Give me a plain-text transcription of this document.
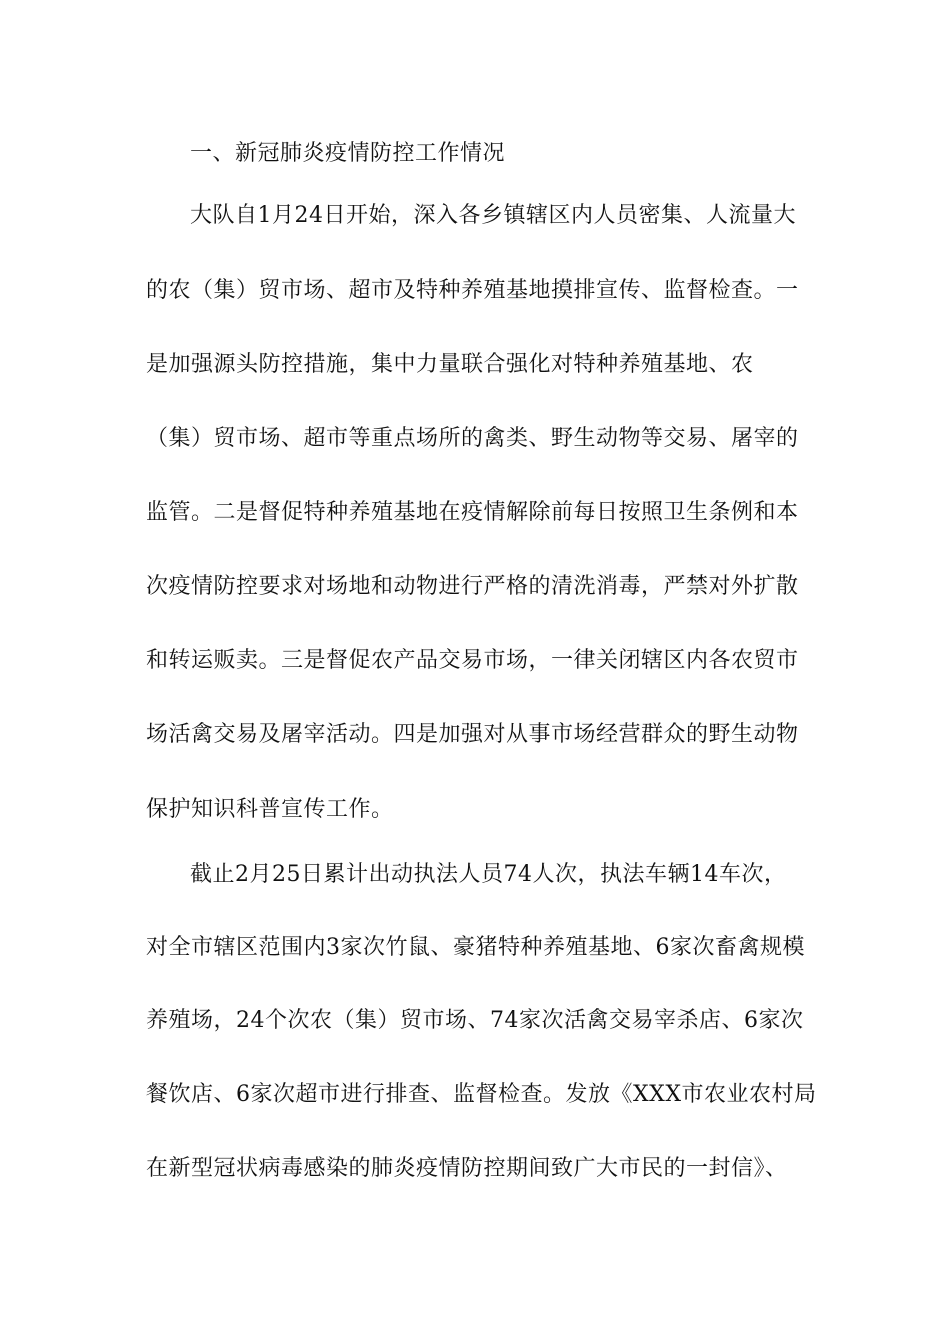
一、新冠肺炎疫情防控工作情况
大队自1月24日开始，深入各乡镇辖区内人员密集、人流量大
的农（集）贸市场、超市及特种养殖基地摸排宣传、监督检查。一
是加强源头防控措施，集中力量联合强化对特种养殖基地、农
（集）贸市场、超市等重点场所的禽类、野生动物等交易、屠宰的
监管。二是督促特种养殖基地在疫情解除前每日按照卫生条例和本
次疫情防控要求对场地和动物进行严格的清洗消毒，严禁对外扩散
和转运贩卖。三是督促农产品交易市场，一律关闭辖区内各农贸市
场活禽交易及屠宰活动。四是加强对从事市场经营群众的野生动物
保护知识科普宣传工作。
截止2月25日累计出动执法人员74人次，执法车辆14车次，
对全市辖区范围内3家次竹鼠、豪猪特种养殖基地、6家次畜禽规模
养殖场，24个次农（集）贸市场、74家次活禽交易宰杀店、6家次
餐饮店、6家次超市进行排查、监督检查。发放《XXX市农业农村局
在新型冠状病毒感染的肺炎疫情防控期间致广大市民的一封信》、
